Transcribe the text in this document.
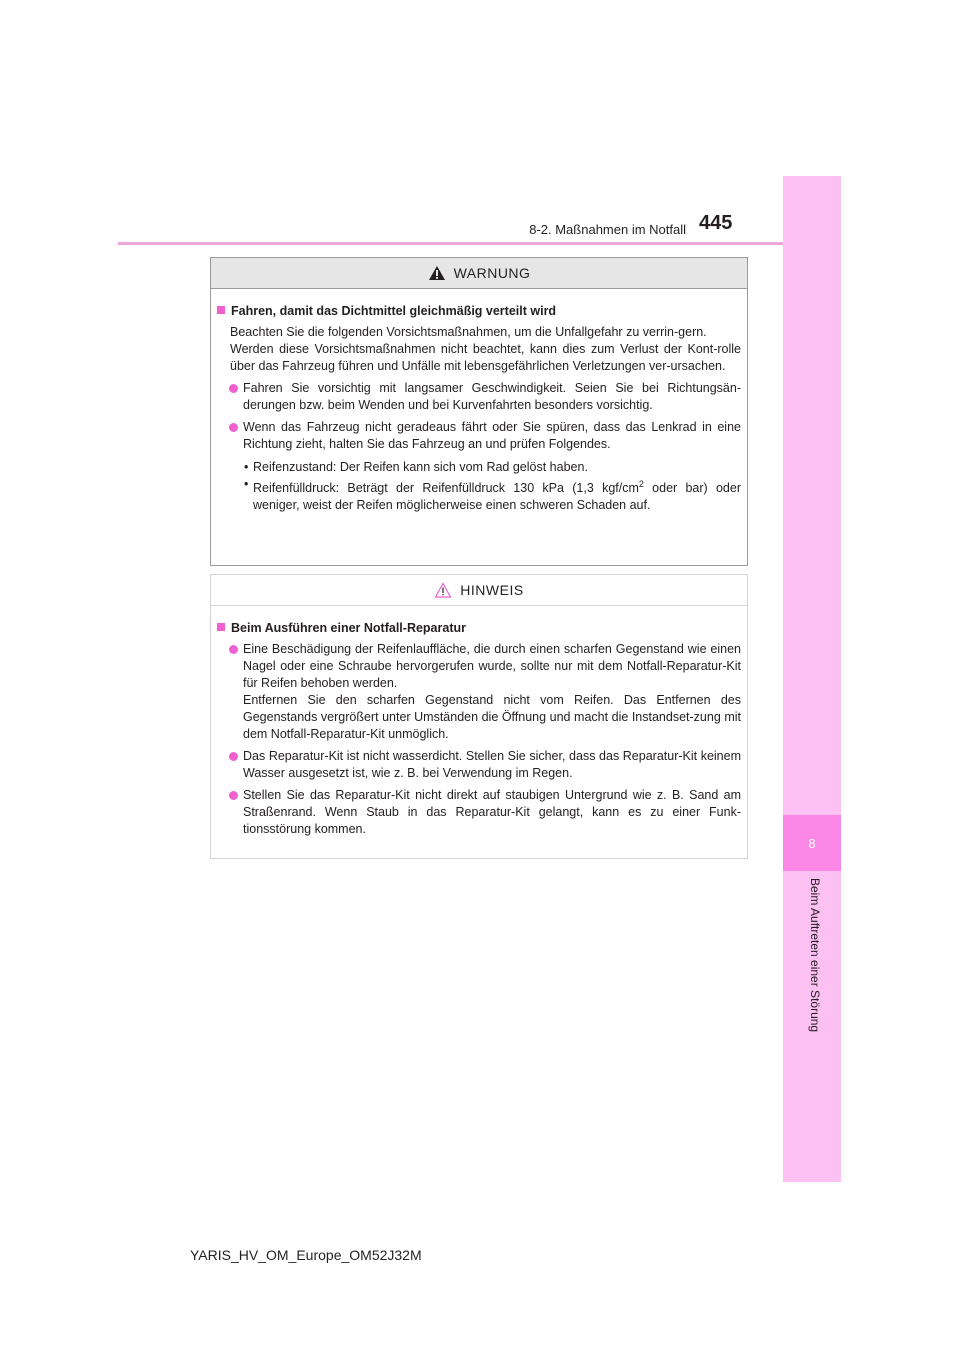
8-2. Maßnahmen im Notfall 445
8
Beim Auftreten einer Störung
WARNUNG
Fahren, damit das Dichtmittel gleichmäßig verteilt wird
Beachten Sie die folgenden Vorsichtsmaßnahmen, um die Unfallgefahr zu verrin-gern.
Werden diese Vorsichtsmaßnahmen nicht beachtet, kann dies zum Verlust der Kont-rolle über das Fahrzeug führen und Unfälle mit lebensgefährlichen Verletzungen ver-ursachen.
Fahren Sie vorsichtig mit langsamer Geschwindigkeit. Seien Sie bei Richtungsän-derungen bzw. beim Wenden und bei Kurvenfahrten besonders vorsichtig.
Wenn das Fahrzeug nicht geradeaus fährt oder Sie spüren, dass das Lenkrad in eine Richtung zieht, halten Sie das Fahrzeug an und prüfen Folgendes.
• Reifenzustand: Der Reifen kann sich vom Rad gelöst haben.
• Reifenfülldruck: Beträgt der Reifenfülldruck 130 kPa (1,3 kgf/$cm^2$ oder bar) oder weniger, weist der Reifen möglicherweise einen schweren Schaden auf.
HINWEIS
Beim Ausführen einer Notfall-Reparatur
Eine Beschädigung der Reifenlauffläche, die durch einen scharfen Gegenstand wie einen Nagel oder eine Schraube hervorgerufen wurde, sollte nur mit dem Notfall-Reparatur-Kit für Reifen behoben werden.
Entfernen Sie den scharfen Gegenstand nicht vom Reifen. Das Entfernen des Gegenstands vergrößert unter Umständen die Öffnung und macht die Instandset-zung mit dem Notfall-Reparatur-Kit unmöglich.
Das Reparatur-Kit ist nicht wasserdicht. Stellen Sie sicher, dass das Reparatur-Kit keinem Wasser ausgesetzt ist, wie z. B. bei Verwendung im Regen.
Stellen Sie das Reparatur-Kit nicht direkt auf staubigen Untergrund wie z. B. Sand am Straßenrand. Wenn Staub in das Reparatur-Kit gelangt, kann es zu einer Funk-tionsstörung kommen.
YARIS_HV_OM_Europe_OM52J32M
